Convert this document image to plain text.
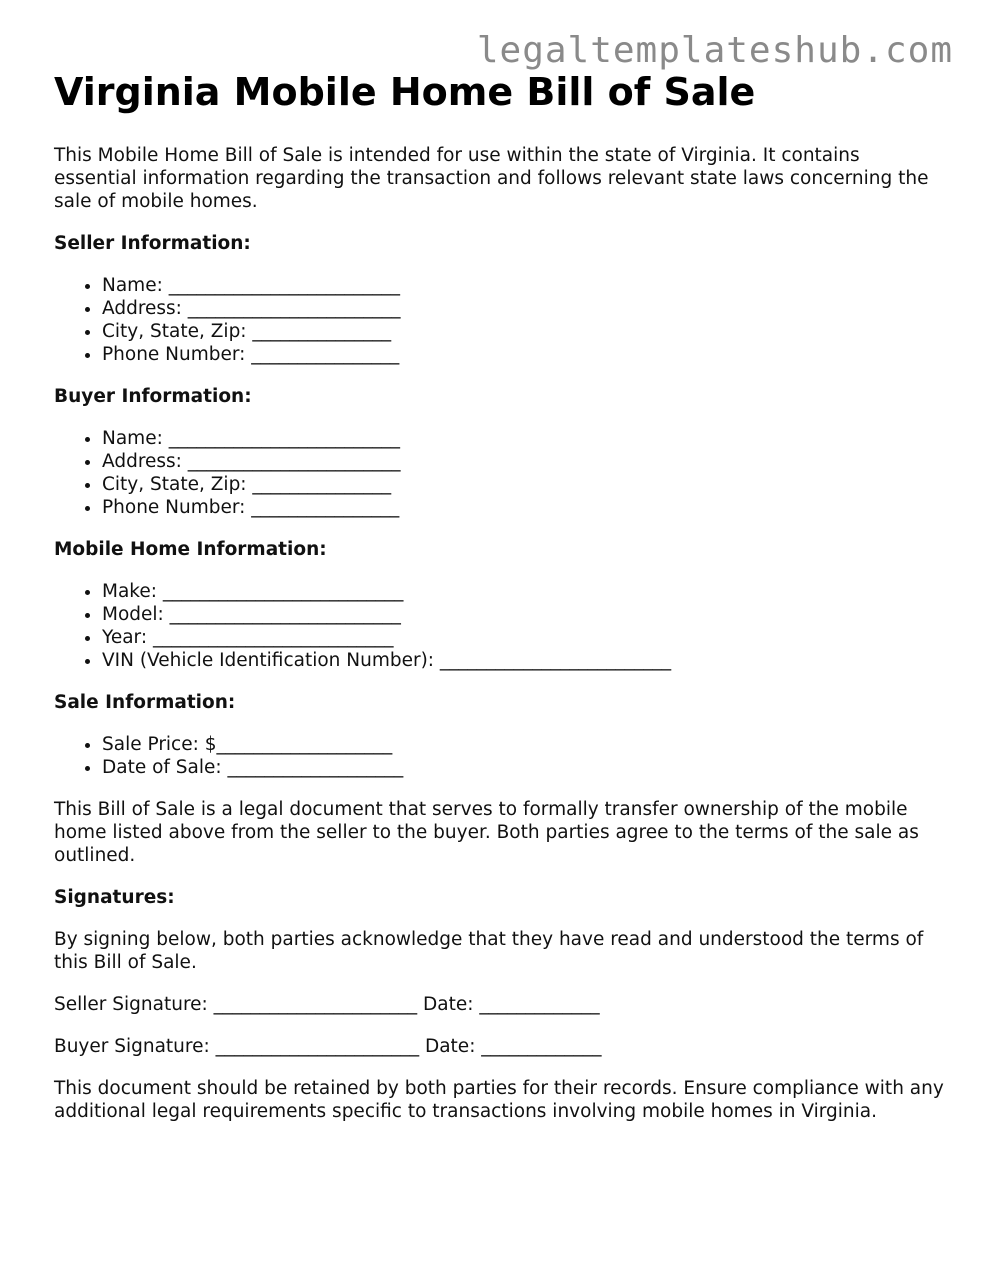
legaltemplateshub.com
Virginia Mobile Home Bill of Sale

This Mobile Home Bill of Sale is intended for use within the state of Virginia. It contains essential information regarding the transaction and follows relevant state laws concerning the sale of mobile homes.

Seller Information:
• Name: _________________________
• Address: _______________________
• City, State, Zip: _______________
• Phone Number: ________________
Buyer Information:
• Name: _________________________
• Address: _______________________
• City, State, Zip: _______________
• Phone Number: ________________
Mobile Home Information:
• Make: __________________________
• Model: _________________________
• Year: __________________________
• VIN (Vehicle Identification Number): _________________________
Sale Information:
• Sale Price: $___________________
• Date of Sale: ___________________

This Bill of Sale is a legal document that serves to formally transfer ownership of the mobile home listed above from the seller to the buyer. Both parties agree to the terms of the sale as outlined.

Signatures:

By signing below, both parties acknowledge that they have read and understood the terms of this Bill of Sale.

Seller Signature: ______________________ Date: _____________
Buyer Signature: ______________________ Date: _____________

This document should be retained by both parties for their records. Ensure compliance with any additional legal requirements specific to transactions involving mobile homes in Virginia.
